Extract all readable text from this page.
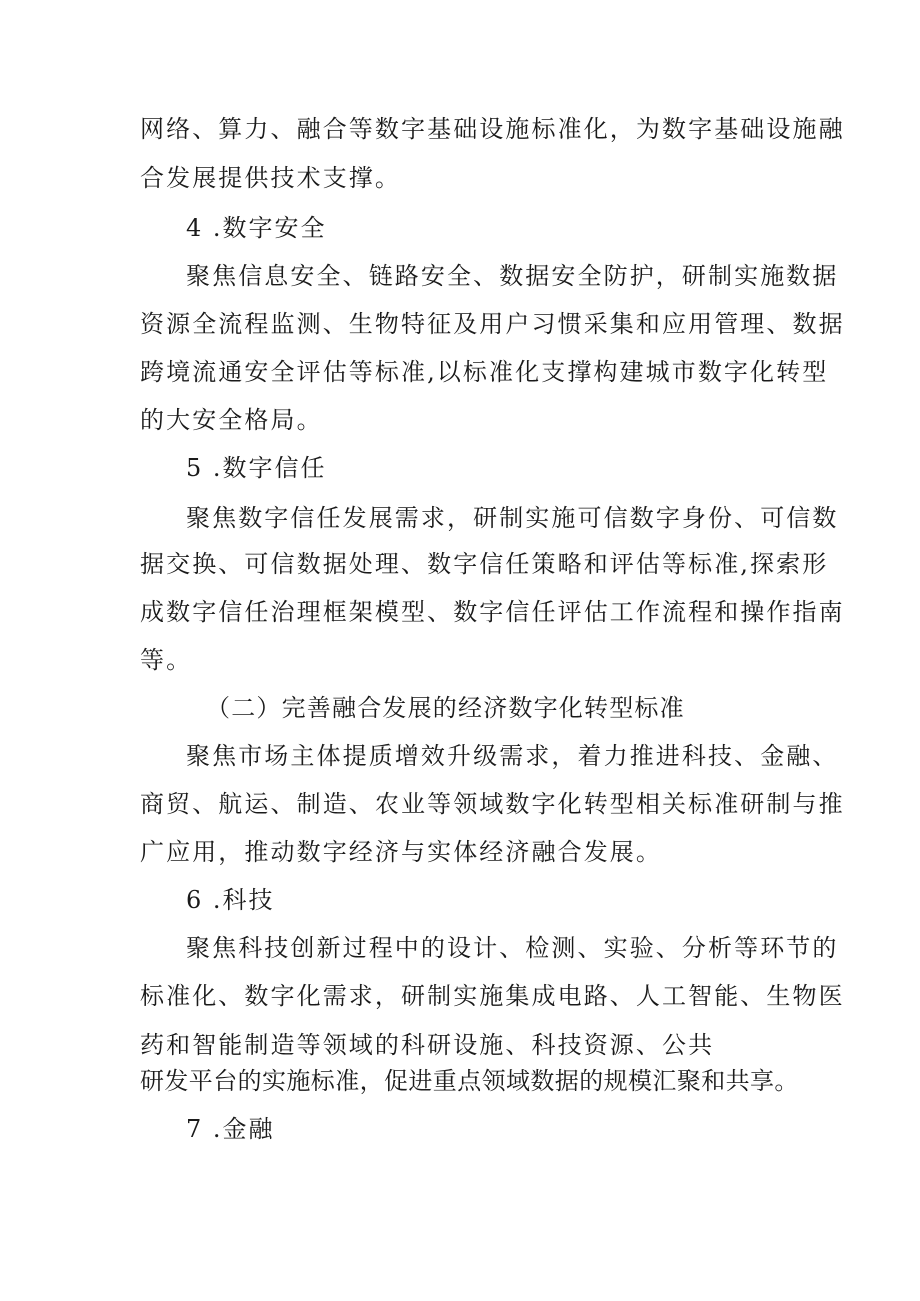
网络、算力、融合等数字基础设施标准化，为数字基础设施融
合发展提供技术支撑。
4 .数字安全
聚焦信息安全、链路安全、数据安全防护，研制实施数据
资源全流程监测、生物特征及用户习惯采集和应用管理、数据
跨境流通安全评估等标准,以标准化支撑构建城市数字化转型
的大安全格局。
5 .数字信任
聚焦数字信任发展需求，研制实施可信数字身份、可信数
据交换、可信数据处理、数字信任策略和评估等标准,探索形
成数字信任治理框架模型、数字信任评估工作流程和操作指南
等。
（二）完善融合发展的经济数字化转型标准
聚焦市场主体提质增效升级需求，着力推进科技、金融、
商贸、航运、制造、农业等领域数字化转型相关标准研制与推
广应用，推动数字经济与实体经济融合发展。
6 .科技
聚焦科技创新过程中的设计、检测、实验、分析等环节的
标准化、数字化需求，研制实施集成电路、人工智能、生物医
药和智能制造等领域的科研设施、科技资源、公共
研发平台的实施标准，促进重点领域数据的规模汇聚和共享。
7 .金融
